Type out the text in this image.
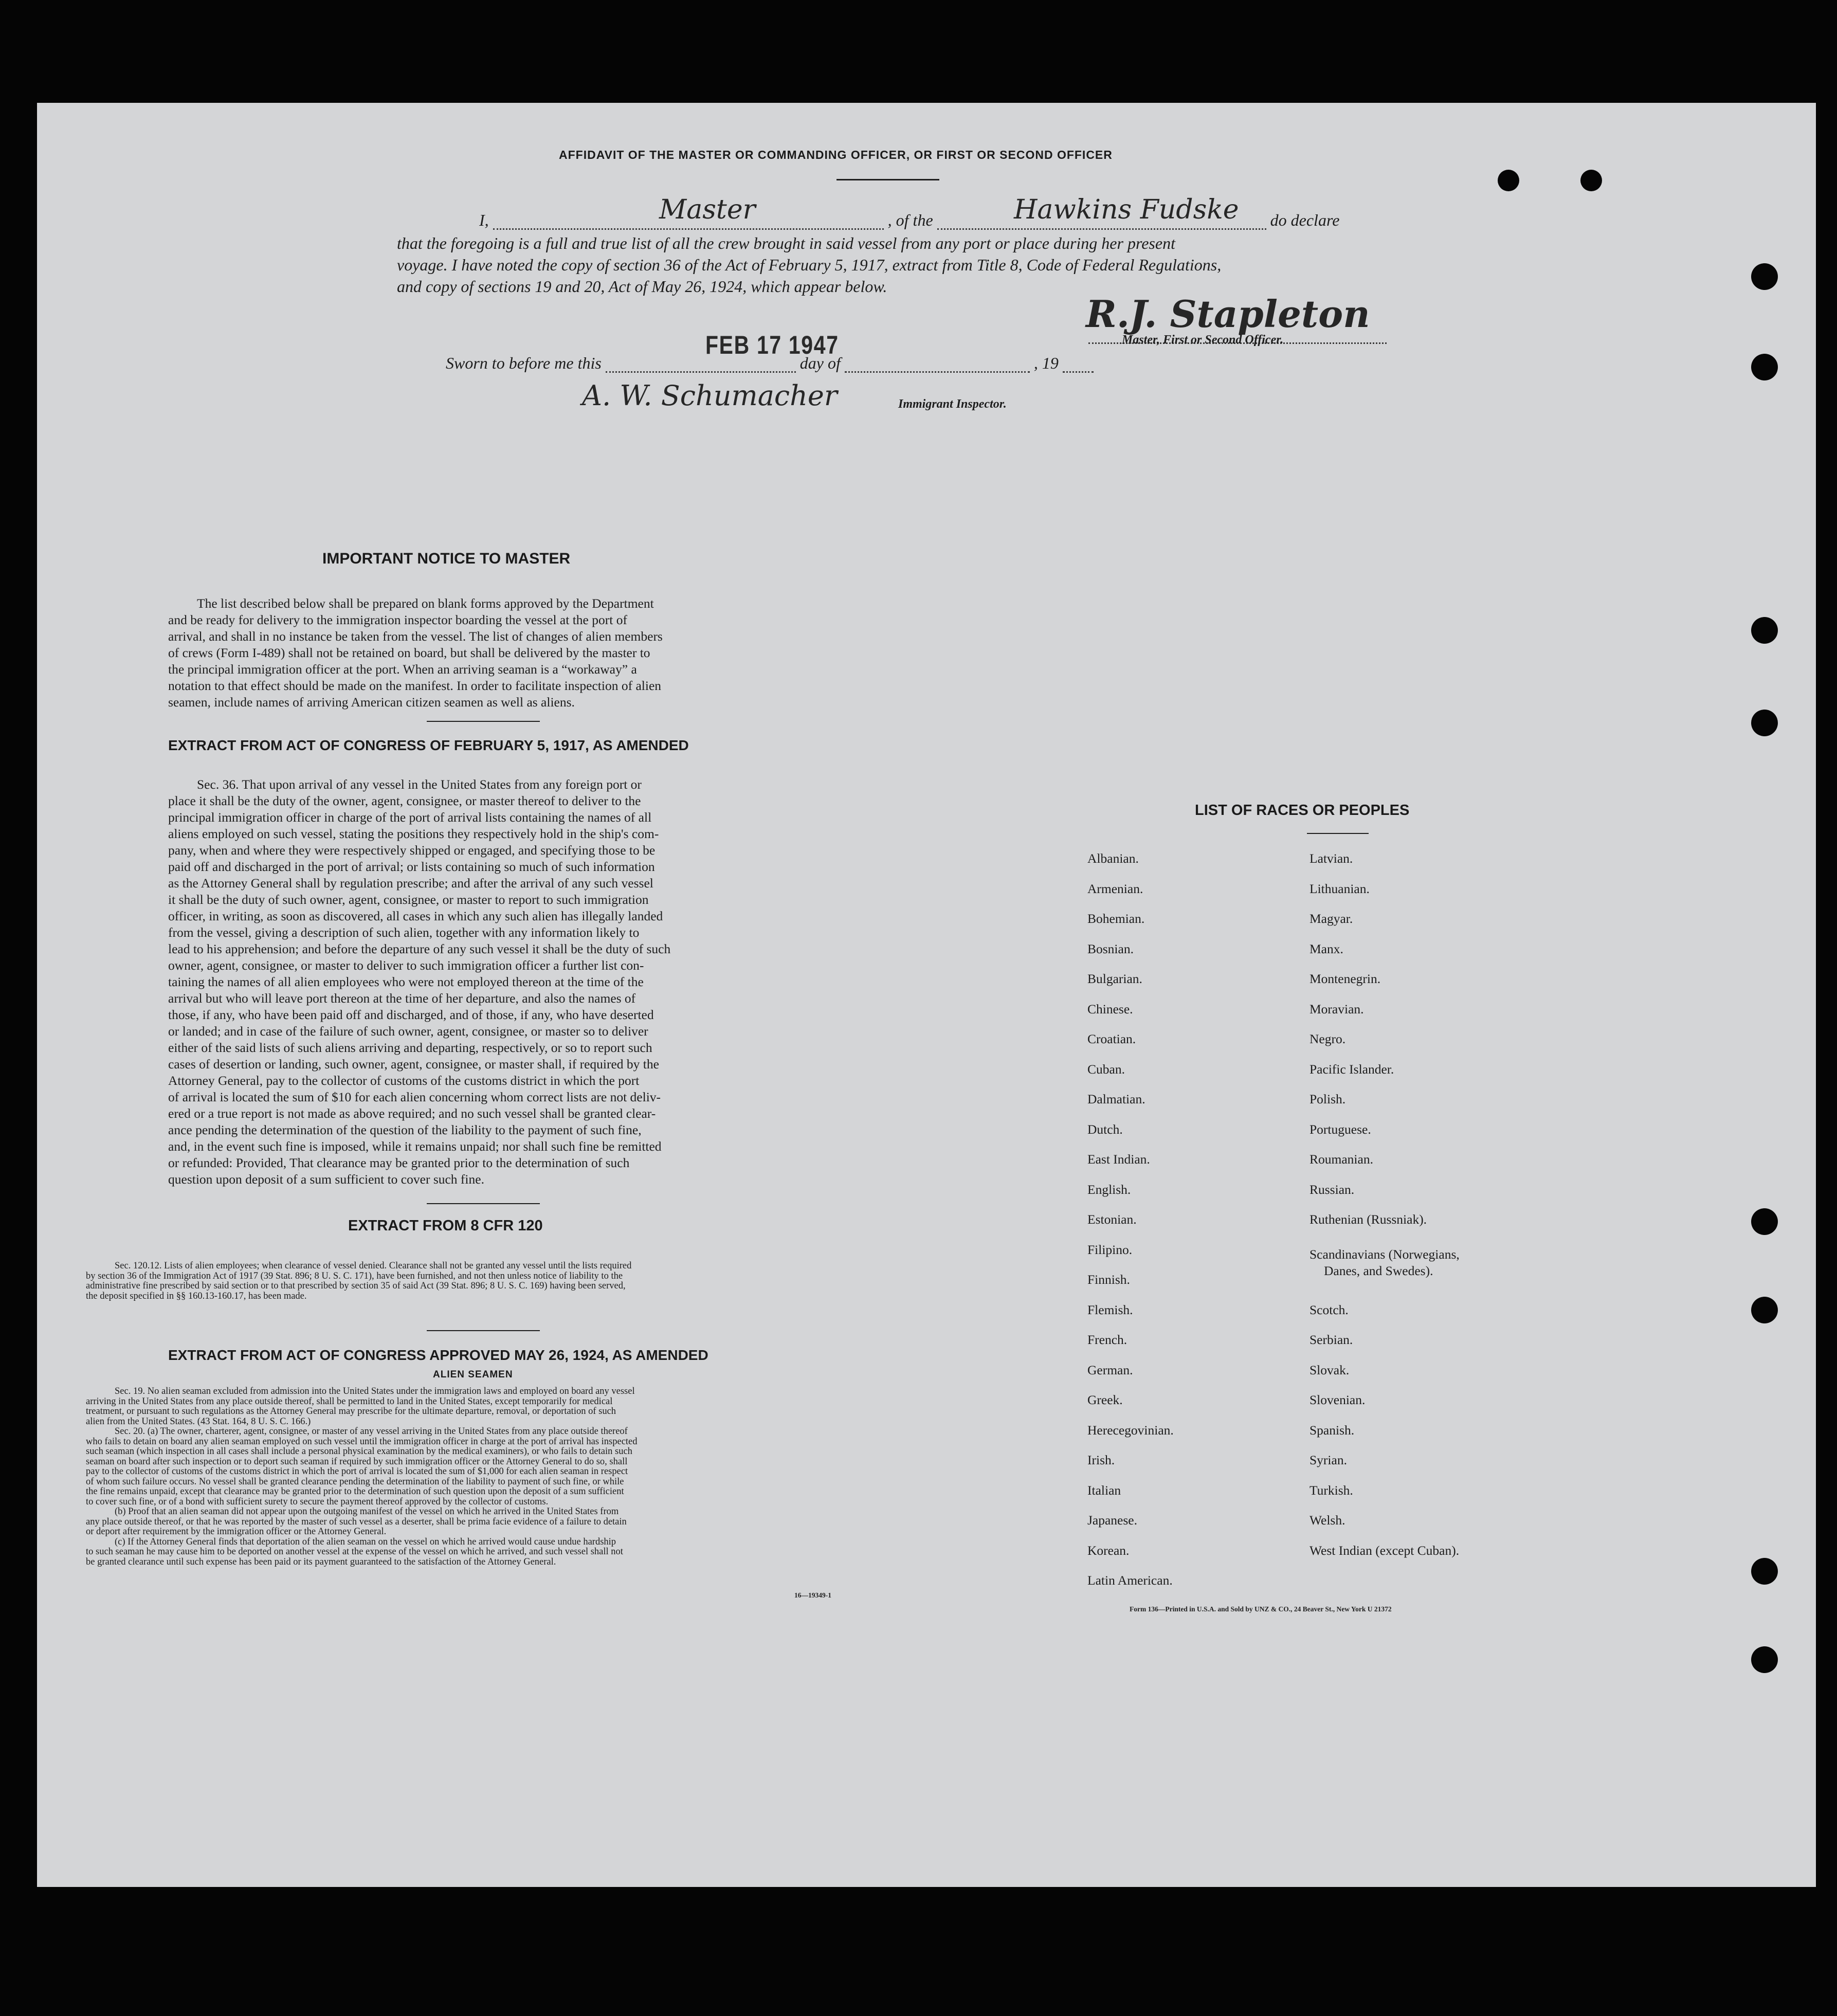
AFFIDAVIT OF THE MASTER OR COMMANDING OFFICER, OR FIRST OR SECOND OFFICER
I,	, of the	do declare
Master	Hawkins Fudske
that the foregoing is a full and true list of all the crew brought in said vessel from any port or place during her present
voyage. I have noted the copy of section 36 of the Act of February 5, 1917, extract from Title 8, Code of Federal Regulations,
and copy of sections 19 and 20, Act of May 26, 1924, which appear below.
R.J. Stapleton
Master, First or Second Officer.
FEB 17 1947
Sworn to before me this	day of	, 19
A. W. Schumacher	Immigrant Inspector.
IMPORTANT NOTICE TO MASTER
The list described below shall be prepared on blank forms approved by the Department
and be ready for delivery to the immigration inspector boarding the vessel at the port of
arrival, and shall in no instance be taken from the vessel. The list of changes of alien members
of crews (Form I-489) shall not be retained on board, but shall be delivered by the master to
the principal immigration officer at the port. When an arriving seaman is a “workaway” a
notation to that effect should be made on the manifest. In order to facilitate inspection of alien
seamen, include names of arriving American citizen seamen as well as aliens.
EXTRACT FROM ACT OF CONGRESS OF FEBRUARY 5, 1917, AS AMENDED
Sec. 36. That upon arrival of any vessel in the United States from any foreign port or
place it shall be the duty of the owner, agent, consignee, or master thereof to deliver to the
principal immigration officer in charge of the port of arrival lists containing the names of all
aliens employed on such vessel, stating the positions they respectively hold in the ship's com-
pany, when and where they were respectively shipped or engaged, and specifying those to be
paid off and discharged in the port of arrival; or lists containing so much of such information
as the Attorney General shall by regulation prescribe; and after the arrival of any such vessel
it shall be the duty of such owner, agent, consignee, or master to report to such immigration
officer, in writing, as soon as discovered, all cases in which any such alien has illegally landed
from the vessel, giving a description of such alien, together with any information likely to
lead to his apprehension; and before the departure of any such vessel it shall be the duty of such
owner, agent, consignee, or master to deliver to such immigration officer a further list con-
taining the names of all alien employees who were not employed thereon at the time of the
arrival but who will leave port thereon at the time of her departure, and also the names of
those, if any, who have been paid off and discharged, and of those, if any, who have deserted
or landed; and in case of the failure of such owner, agent, consignee, or master so to deliver
either of the said lists of such aliens arriving and departing, respectively, or so to report such
cases of desertion or landing, such owner, agent, consignee, or master shall, if required by the
Attorney General, pay to the collector of customs of the customs district in which the port
of arrival is located the sum of $10 for each alien concerning whom correct lists are not deliv-
ered or a true report is not made as above required; and no such vessel shall be granted clear-
ance pending the determination of the question of the liability to the payment of such fine,
and, in the event such fine is imposed, while it remains unpaid; nor shall such fine be remitted
or refunded: Provided, That clearance may be granted prior to the determination of such
question upon deposit of a sum sufficient to cover such fine.
EXTRACT FROM 8 CFR 120
Sec. 120.12. Lists of alien employees; when clearance of vessel denied. Clearance shall not be granted any vessel until the lists required
by section 36 of the Immigration Act of 1917 (39 Stat. 896; 8 U. S. C. 171), have been furnished, and not then unless notice of liability to the
administrative fine prescribed by said section or to that prescribed by section 35 of said Act (39 Stat. 896; 8 U. S. C. 169) having been served,
the deposit specified in §§ 160.13-160.17, has been made.
EXTRACT FROM ACT OF CONGRESS APPROVED MAY 26, 1924, AS AMENDED
ALIEN SEAMEN
Sec. 19. No alien seaman excluded from admission into the United States under the immigration laws and employed on board any vessel
arriving in the United States from any place outside thereof, shall be permitted to land in the United States, except temporarily for medical
treatment, or pursuant to such regulations as the Attorney General may prescribe for the ultimate departure, removal, or deportation of such
alien from the United States. (43 Stat. 164, 8 U. S. C. 166.)
Sec. 20. (a) The owner, charterer, agent, consignee, or master of any vessel arriving in the United States from any place outside thereof
who fails to detain on board any alien seaman employed on such vessel until the immigration officer in charge at the port of arrival has inspected
such seaman (which inspection in all cases shall include a personal physical examination by the medical examiners), or who fails to detain such
seaman on board after such inspection or to deport such seaman if required by such immigration officer or the Attorney General to do so, shall
pay to the collector of customs of the customs district in which the port of arrival is located the sum of $1,000 for each alien seaman in respect
of whom such failure occurs. No vessel shall be granted clearance pending the determination of the liability to payment of such fine, or while
the fine remains unpaid, except that clearance may be granted prior to the determination of such question upon the deposit of a sum sufficient
to cover such fine, or of a bond with sufficient surety to secure the payment thereof approved by the collector of customs.
(b) Proof that an alien seaman did not appear upon the outgoing manifest of the vessel on which he arrived in the United States from
any place outside thereof, or that he was reported by the master of such vessel as a deserter, shall be prima facie evidence of a failure to detain
or deport after requirement by the immigration officer or the Attorney General.
(c) If the Attorney General finds that deportation of the alien seaman on the vessel on which he arrived would cause undue hardship
to such seaman he may cause him to be deported on another vessel at the expense of the vessel on which he arrived, and such vessel shall not
be granted clearance until such expense has been paid or its payment guaranteed to the satisfaction of the Attorney General.
16—19349-1
LIST OF RACES OR PEOPLES
Albanian.
Armenian.
Bohemian.
Bosnian.
Bulgarian.
Chinese.
Croatian.
Cuban.
Dalmatian.
Dutch.
East Indian.
English.
Estonian.
Filipino.
Finnish.
Flemish.
French.
German.
Greek.
Herecegovinian.
Irish.
Italian
Japanese.
Korean.
Latin American.
Latvian.
Lithuanian.
Magyar.
Manx.
Montenegrin.
Moravian.
Negro.
Pacific Islander.
Polish.
Portuguese.
Roumanian.
Russian.
Ruthenian (Russniak).
Scandinavians (Norwegians,
Danes, and Swedes).
Scotch.
Serbian.
Slovak.
Slovenian.
Spanish.
Syrian.
Turkish.
Welsh.
West Indian (except Cuban).
Form 136—Printed in U.S.A. and Sold by UNZ & CO., 24 Beaver St., New York U 21372
